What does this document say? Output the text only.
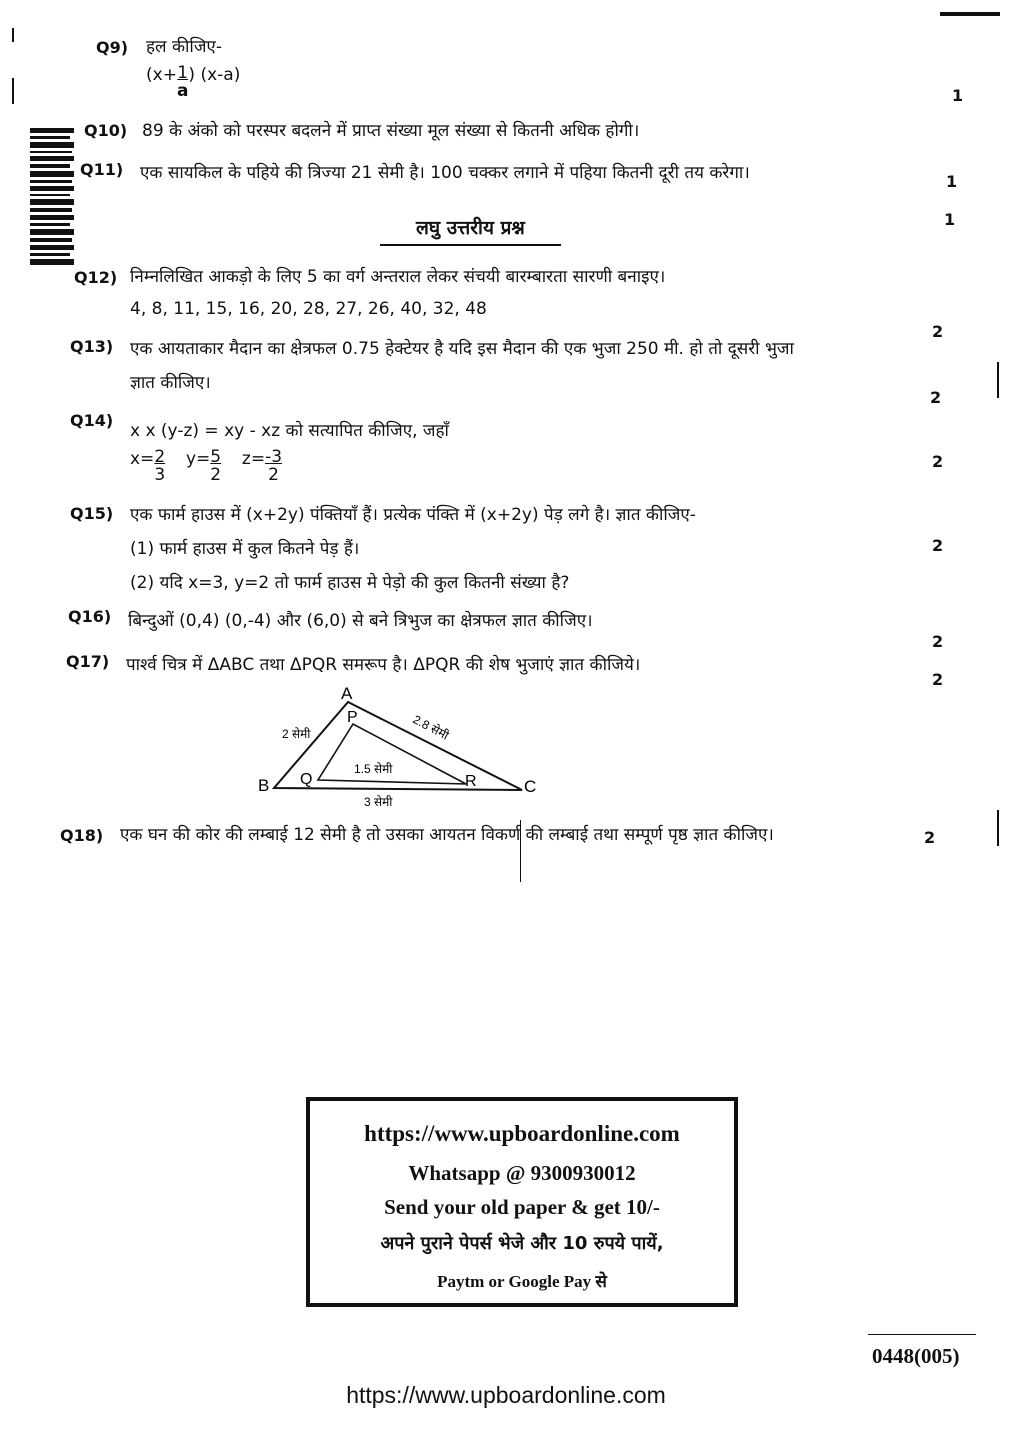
Q9) हल कीजिए-
($x+ \frac{1}{a}$ ) (x-a)
1
Q10) 89 के अंको को परस्पर बदलने में प्राप्त संख्या मूल संख्या से कितनी अधिक होगी।
Q11) एक सायकिल के पहिये की त्रिज्या 21 सेमी है। 100 चक्कर लगाने में पहिया कितनी दूरी तय करेगा।	1
1
लघु उत्तरीय प्रश्न
Q12) निम्नलिखित आकड़ो के लिए 5 का वर्ग अन्तराल लेकर संचयी बारम्बारता सारणी बनाइए।
4, 8, 11, 15, 16, 20, 28, 27, 26, 40, 32, 48
2
Q13) एक आयताकार मैदान का क्षेत्रफल 0.75 हेक्टेयर है यदि इस मैदान की एक भुजा 250 मी. हो तो दूसरी भुजा
ज्ञात कीजिए।
2
Q14)
x x (y-z) = xy - xz को सत्यापित कीजिए, जहाँ
$x= \frac{2}{3} y= \frac{5}{2} z= \frac{-3}{2}$	2
Q15) एक फार्म हाउस में (x+2y) पंक्तियाँ हैं। प्रत्येक पंक्ति में (x+2y) पेड़ लगे है। ज्ञात कीजिए-
(1) फार्म हाउस में कुल कितने पेड़ हैं।
(2) यदि x=3, y=2 तो फार्म हाउस मे पेड़ो की कुल कितनी संख्या है?
2
Q16) बिन्दुओं (0,4) (0,-4) और (6,0) से बने त्रिभुज का क्षेत्रफल ज्ञात कीजिए।
2
Q17) पार्श्व चित्र में ΔABC तथा ΔPQR समरूप है। ΔPQR की शेष भुजाएं ज्ञात कीजिये।
2
A
B	C
P
Q	R
2 सेमी	2.8 सेमी
1.5 सेमी
3 सेमी
Q18) एक घन की कोर की लम्बाई 12 सेमी है तो उसका आयतन विकर्ण की लम्बाई तथा सम्पूर्ण पृष्ठ ज्ञात कीजिए।	2
https://www.upboardonline.com
Whatsapp @ 9300930012
Send your old paper & get 10/-
अपने पुराने पेपर्स भेजे और 10 रुपये पायें,
Paytm or Google Pay से
0448(005)
https://www.upboardonline.com
